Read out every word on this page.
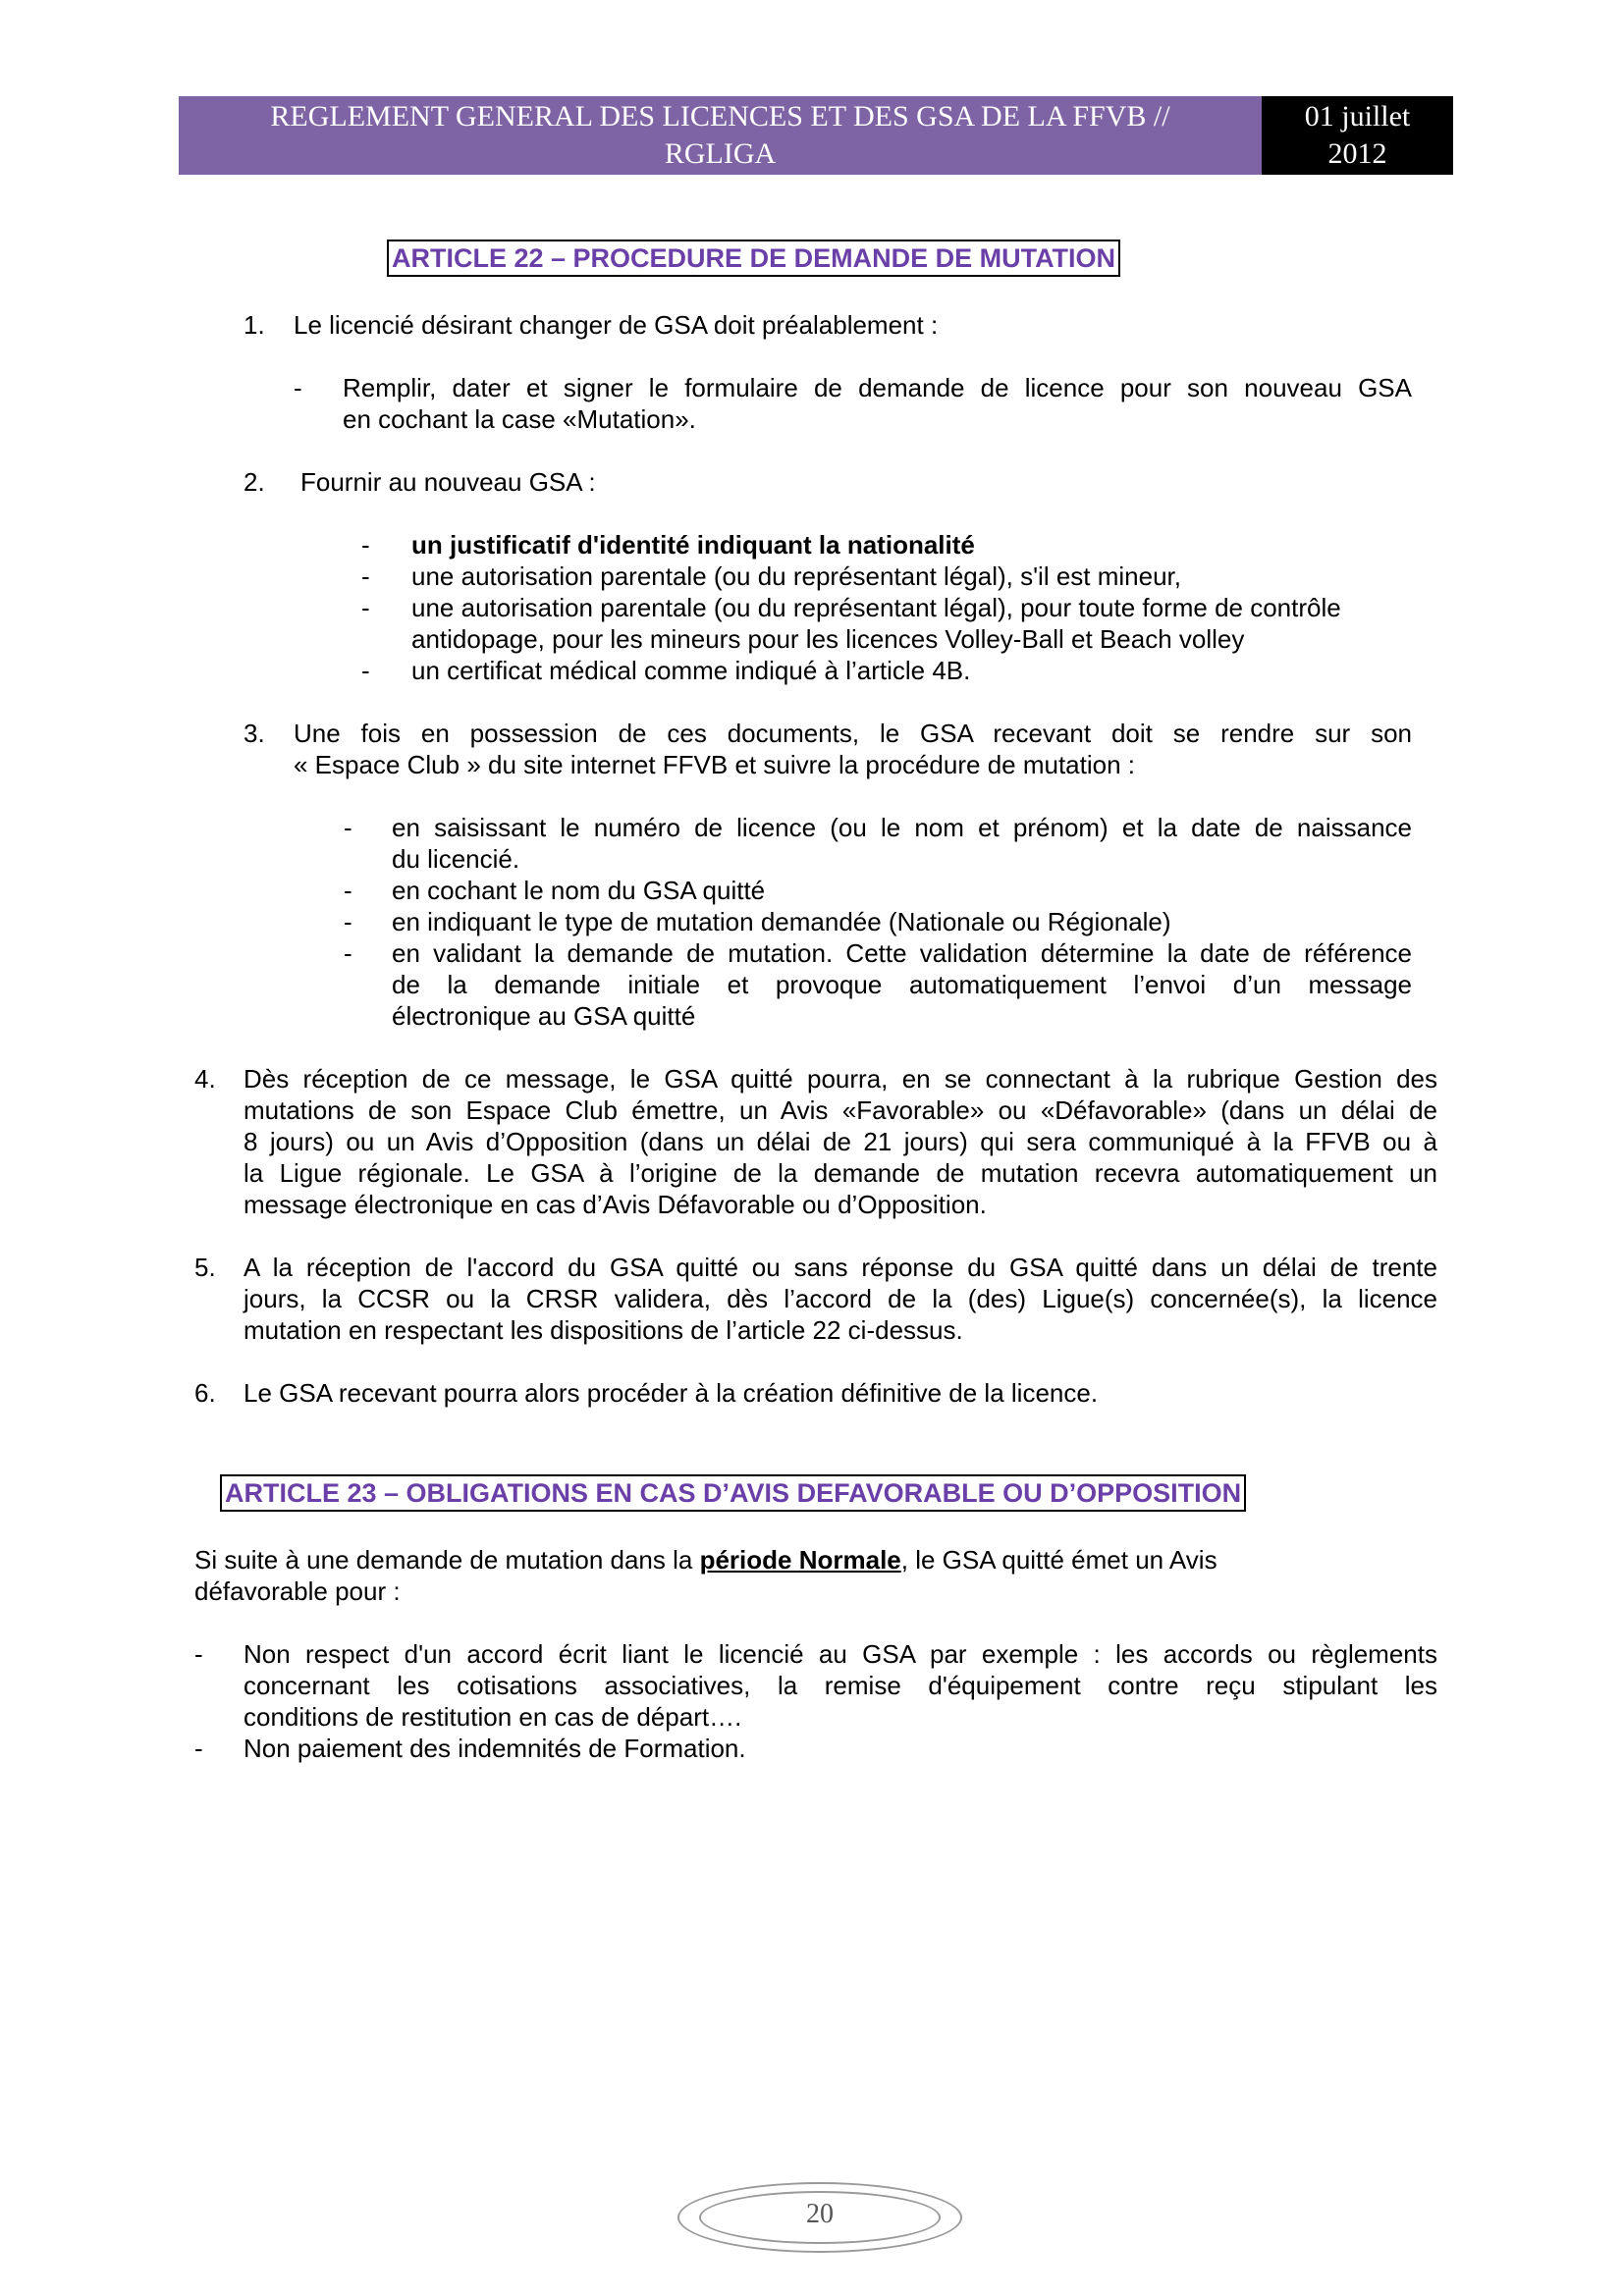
REGLEMENT GENERAL DES LICENCES ET DES GSA DE LA FFVB //
RGLIGA
01 juillet
2012
ARTICLE 22 – PROCEDURE DE DEMANDE DE MUTATION
1. Le licencié désirant changer de GSA doit préalablement :
- Remplir, dater et signer le formulaire de demande de licence pour son nouveau GSA
en cochant la case «Mutation».
2. Fournir au nouveau GSA :
- un justificatif d'identité indiquant la nationalité
- une autorisation parentale (ou du représentant légal), s'il est mineur,
- une autorisation parentale (ou du représentant légal), pour toute forme de contrôle
antidopage, pour les mineurs pour les licences Volley-Ball et Beach volley
- un certificat médical comme indiqué à l’article 4B.
3. Une fois en possession de ces documents, le GSA recevant doit se rendre sur son
« Espace Club » du site internet FFVB et suivre la procédure de mutation :
- en saisissant le numéro de licence (ou le nom et prénom) et la date de naissance
du licencié.
- en cochant le nom du GSA quitté
- en indiquant le type de mutation demandée (Nationale ou Régionale)
- en validant la demande de mutation. Cette validation détermine la date de référence
de la demande initiale et provoque automatiquement l’envoi d’un message
électronique au GSA quitté
4. Dès réception de ce message, le GSA quitté pourra, en se connectant à la rubrique Gestion des
mutations de son Espace Club émettre, un Avis «Favorable» ou «Défavorable» (dans un délai de
8 jours) ou un Avis d’Opposition (dans un délai de 21 jours) qui sera communiqué à la FFVB ou à
la Ligue régionale. Le GSA à l’origine de la demande de mutation recevra automatiquement un
message électronique en cas d’Avis Défavorable ou d’Opposition.
5. A la réception de l'accord du GSA quitté ou sans réponse du GSA quitté dans un délai de trente
jours, la CCSR ou la CRSR validera, dès l’accord de la (des) Ligue(s) concernée(s), la licence
mutation en respectant les dispositions de l’article 22 ci-dessus.
6. Le GSA recevant pourra alors procéder à la création définitive de la licence.
ARTICLE 23 – OBLIGATIONS EN CAS D’AVIS DEFAVORABLE OU D’OPPOSITION
Si suite à une demande de mutation dans la période Normale, le GSA quitté émet un Avis
défavorable pour :
- Non respect d'un accord écrit liant le licencié au GSA par exemple : les accords ou règlements
concernant les cotisations associatives, la remise d'équipement contre reçu stipulant les
conditions de restitution en cas de départ….
- Non paiement des indemnités de Formation.
20
